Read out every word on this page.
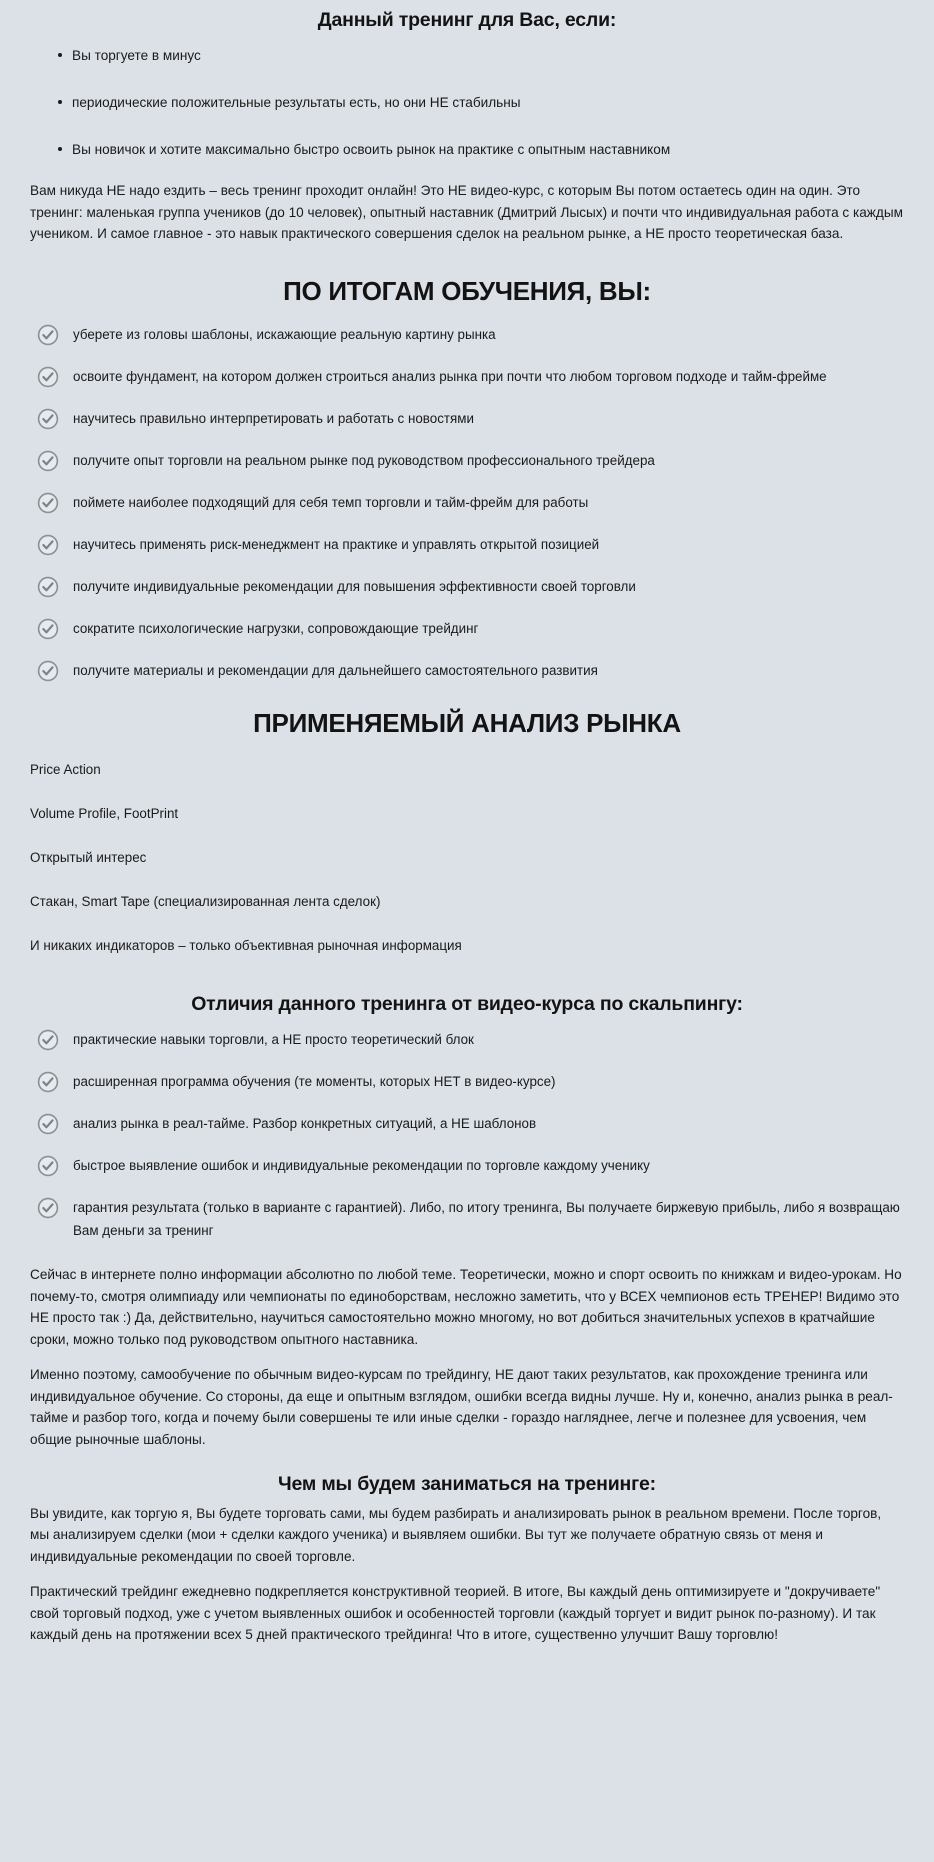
Данный тренинг для Вас, если:
Вы торгуете в минус
периодические положительные результаты есть, но они НЕ стабильны
Вы новичок и хотите максимально быстро освоить рынок на практике с опытным наставником

Вам никуда НЕ надо ездить – весь тренинг проходит онлайн! Это НЕ видео-курс, с которым Вы потом остаетесь один на один. Это тренинг: маленькая группа учеников (до 10 человек), опытный наставник (Дмитрий Лысых) и почти что индивидуальная работа с каждым учеником. И самое главное - это навык практического совершения сделок на реальном рынке, а НЕ просто теоретическая база.

ПО ИТОГАМ ОБУЧЕНИЯ, ВЫ:
уберете из головы шаблоны, искажающие реальную картину рынка
освоите фундамент, на котором должен строиться анализ рынка при почти что любом торговом подходе и тайм-фрейме
научитесь правильно интерпретировать и работать с новостями
получите опыт торговли на реальном рынке под руководством профессионального трейдера
поймете наиболее подходящий для себя темп торговли и тайм-фрейм для работы
научитесь применять риск-менеджмент на практике и управлять открытой позицией
получите индивидуальные рекомендации для повышения эффективности своей торговли
сократите психологические нагрузки, сопровождающие трейдинг
получите материалы и рекомендации для дальнейшего самостоятельного развития
ПРИМЕНЯЕМЫЙ АНАЛИЗ РЫНКА
Price Action
Volume Profile, FootPrint
Открытый интерес
Стакан, Smart Tape (специализированная лента сделок)
И никаких индикаторов – только объективная рыночная информация
Отличия данного тренинга от видео-курса по скальпингу:
практические навыки торговли, а НЕ просто теоретический блок
расширенная программа обучения (те моменты, которых НЕТ в видео-курсе)
анализ рынка в реал-тайме. Разбор конкретных ситуаций, а НЕ шаблонов
быстрое выявление ошибок и индивидуальные рекомендации по торговле каждому ученику
гарантия результата (только в варианте с гарантией). Либо, по итогу тренинга, Вы получаете биржевую прибыль, либо я возвращаю Вам деньги за тренинг

Сейчас в интернете полно информации абсолютно по любой теме. Теоретически, можно и спорт освоить по книжкам и видео-урокам. Но почему-то, смотря олимпиаду или чемпионаты по единоборствам, несложно заметить, что у ВСЕХ чемпионов есть ТРЕНЕР! Видимо это НЕ просто так :) Да, действительно, научиться самостоятельно можно многому, но вот добиться значительных успехов в кратчайшие сроки, можно только под руководством опытного наставника.

Именно поэтому, самообучение по обычным видео-курсам по трейдингу, НЕ дают таких результатов, как прохождение тренинга или индивидуальное обучение. Со стороны, да еще и опытным взглядом, ошибки всегда видны лучше. Ну и, конечно, анализ рынка в реал-тайме и разбор того, когда и почему были совершены те или иные сделки - гораздо нагляднее, легче и полезнее для усвоения, чем общие рыночные шаблоны.

Чем мы будем заниматься на тренинге:

Вы увидите, как торгую я, Вы будете торговать сами, мы будем разбирать и анализировать рынок в реальном времени. После торгов, мы анализируем сделки (мои + сделки каждого ученика) и выявляем ошибки. Вы тут же получаете обратную связь от меня и индивидуальные рекомендации по своей торговле.

Практический трейдинг ежедневно подкрепляется конструктивной теорией. В итоге, Вы каждый день оптимизируете и "докручиваете" свой торговый подход, уже с учетом выявленных ошибок и особенностей торговли (каждый торгует и видит рынок по-разному). И так каждый день на протяжении всех 5 дней практического трейдинга! Что в итоге, существенно улучшит Вашу торговлю!
